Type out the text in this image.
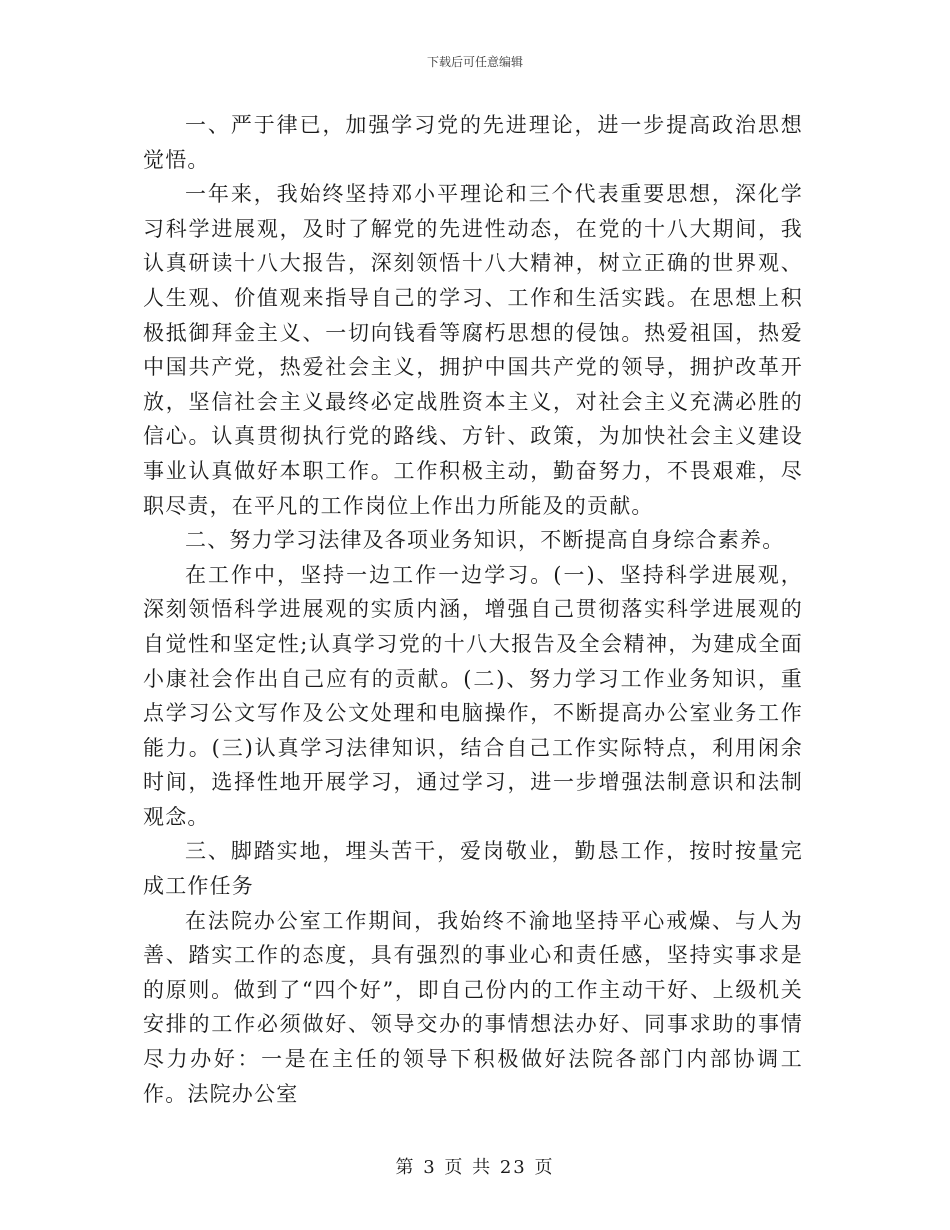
下载后可任意编辑

一、严于律已，加强学习党的先进理论，进一步提高政治思想觉悟。

一年来，我始终坚持邓小平理论和三个代表重要思想，深化学习科学进展观，及时了解党的先进性动态，在党的十八大期间，我认真研读十八大报告，深刻领悟十八大精神，树立正确的世界观、人生观、价值观来指导自己的学习、工作和生活实践。在思想上积极抵御拜金主义、一切向钱看等腐朽思想的侵蚀。热爱祖国，热爱中国共产党，热爱社会主义，拥护中国共产党的领导，拥护改革开放，坚信社会主义最终必定战胜资本主义，对社会主义充满必胜的信心。认真贯彻执行党的路线、方针、政策，为加快社会主义建设事业认真做好本职工作。工作积极主动，勤奋努力，不畏艰难，尽职尽责，在平凡的工作岗位上作出力所能及的贡献。

二、努力学习法律及各项业务知识，不断提高自身综合素养。

在工作中，坚持一边工作一边学习。(一)、坚持科学进展观，深刻领悟科学进展观的实质内涵，增强自己贯彻落实科学进展观的自觉性和坚定性;认真学习党的十八大报告及全会精神，为建成全面小康社会作出自己应有的贡献。(二)、努力学习工作业务知识，重点学习公文写作及公文处理和电脑操作，不断提高办公室业务工作能力。(三)认真学习法律知识，结合自己工作实际特点，利用闲余时间，选择性地开展学习，通过学习，进一步增强法制意识和法制观念。

三、脚踏实地，埋头苦干，爱岗敬业，勤恳工作，按时按量完成工作任务

在法院办公室工作期间，我始终不渝地坚持平心戒燥、与人为善、踏实工作的态度，具有强烈的事业心和责任感，坚持实事求是的原则。做到了“四个好”，即自己份内的工作主动干好、上级机关安排的工作必须做好、领导交办的事情想法办好、同事求助的事情尽力办好：一是在主任的领导下积极做好法院各部门内部协调工作。法院办公室

第 3 页 共 23 页
